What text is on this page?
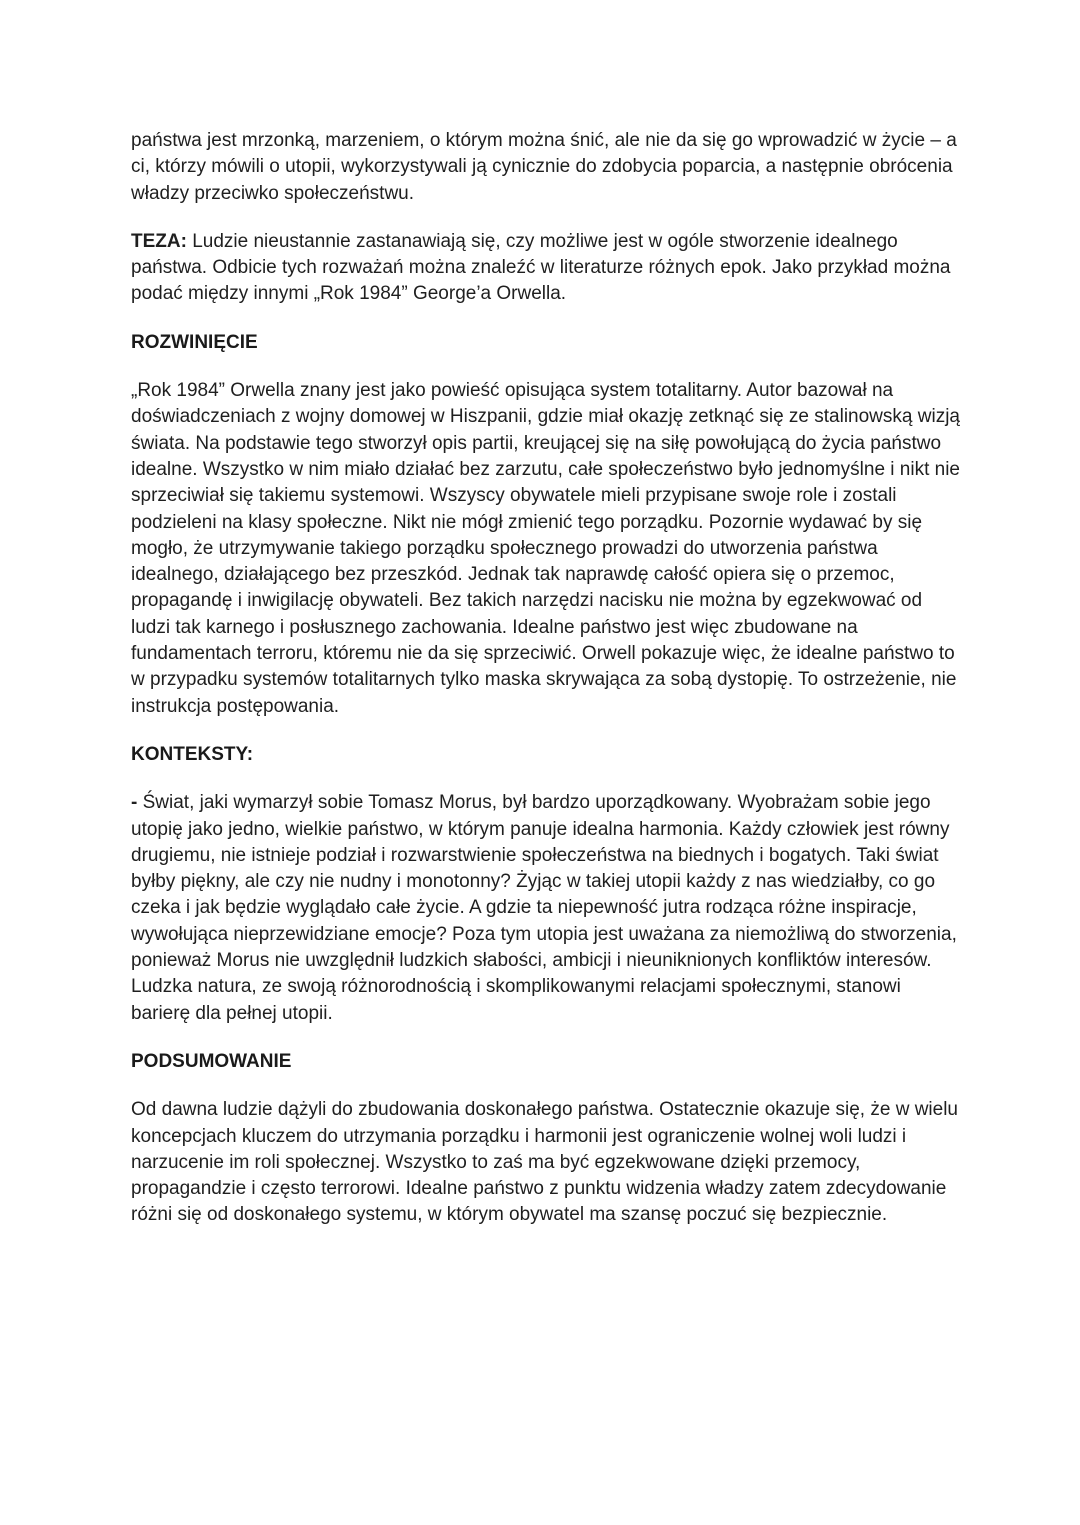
państwa jest mrzonką, marzeniem, o którym można śnić, ale nie da się go wprowadzić w życie – a ci, którzy mówili o utopii, wykorzystywali ją cynicznie do zdobycia poparcia, a następnie obrócenia władzy przeciwko społeczeństwu.

TEZA: Ludzie nieustannie zastanawiają się, czy możliwe jest w ogóle stworzenie idealnego państwa. Odbicie tych rozważań można znaleźć w literaturze różnych epok. Jako przykład można podać między innymi „Rok 1984” George’a Orwella.

ROZWINIĘCIE

„Rok 1984” Orwella znany jest jako powieść opisująca system totalitarny. Autor bazował na doświadczeniach z wojny domowej w Hiszpanii, gdzie miał okazję zetknąć się ze stalinowską wizją świata. Na podstawie tego stworzył opis partii, kreującej się na siłę powołującą do życia państwo idealne. Wszystko w nim miało działać bez zarzutu, całe społeczeństwo było jednomyślne i nikt nie sprzeciwiał się takiemu systemowi. Wszyscy obywatele mieli przypisane swoje role i zostali podzieleni na klasy społeczne. Nikt nie mógł zmienić tego porządku. Pozornie wydawać by się mogło, że utrzymywanie takiego porządku społecznego prowadzi do utworzenia państwa idealnego, działającego bez przeszkód. Jednak tak naprawdę całość opiera się o przemoc, propagandę i inwigilację obywateli. Bez takich narzędzi nacisku nie można by egzekwować od ludzi tak karnego i posłusznego zachowania. Idealne państwo jest więc zbudowane na fundamentach terroru, któremu nie da się sprzeciwić. Orwell pokazuje więc, że idealne państwo to w przypadku systemów totalitarnych tylko maska skrywająca za sobą dystopię. To ostrzeżenie, nie instrukcja postępowania.

KONTEKSTY:

- Świat, jaki wymarzył sobie Tomasz Morus, był bardzo uporządkowany. Wyobrażam sobie jego utopię jako jedno, wielkie państwo, w którym panuje idealna harmonia. Każdy człowiek jest równy drugiemu, nie istnieje podział i rozwarstwienie społeczeństwa na biednych i bogatych. Taki świat byłby piękny, ale czy nie nudny i monotonny? Żyjąc w takiej utopii każdy z nas wiedziałby, co go czeka i jak będzie wyglądało całe życie. A gdzie ta niepewność jutra rodząca różne inspiracje, wywołująca nieprzewidziane emocje? Poza tym utopia jest uważana za niemożliwą do stworzenia, ponieważ Morus nie uwzględnił ludzkich słabości, ambicji i nieuniknionych konfliktów interesów. Ludzka natura, ze swoją różnorodnością i skomplikowanymi relacjami społecznymi, stanowi barierę dla pełnej utopii.

PODSUMOWANIE

Od dawna ludzie dążyli do zbudowania doskonałego państwa. Ostatecznie okazuje się, że w wielu koncepcjach kluczem do utrzymania porządku i harmonii jest ograniczenie wolnej woli ludzi i narzucenie im roli społecznej. Wszystko to zaś ma być egzekwowane dzięki przemocy, propagandzie i często terrorowi. Idealne państwo z punktu widzenia władzy zatem zdecydowanie różni się od doskonałego systemu, w którym obywatel ma szansę poczuć się bezpiecznie.
